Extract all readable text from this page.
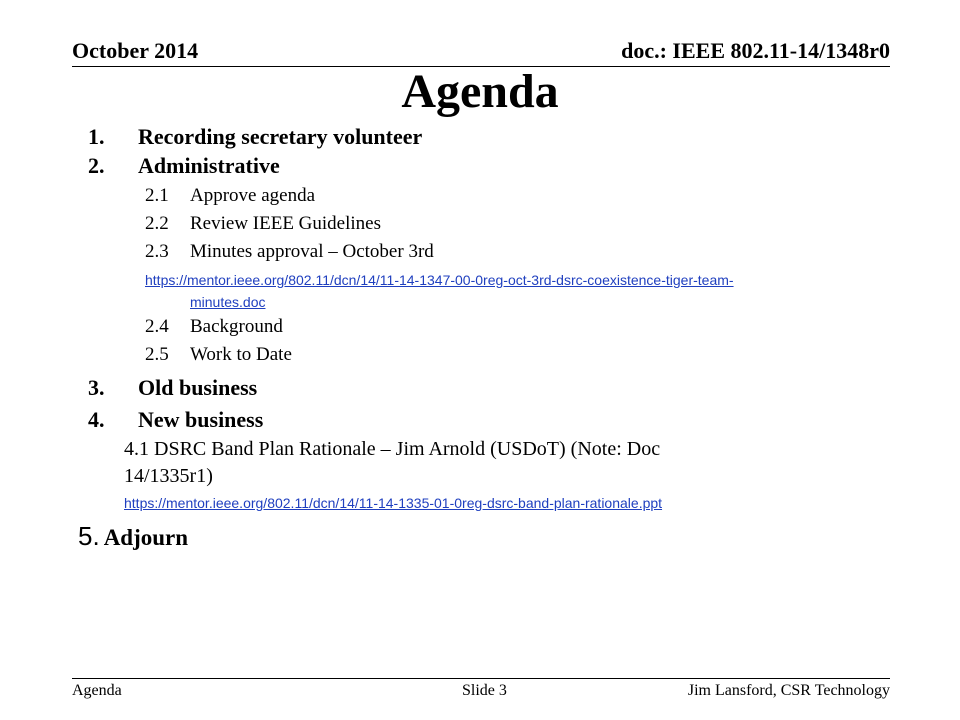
October 2014	doc.: IEEE 802.11-14/1348r0
Agenda
1. Recording secretary volunteer
2. Administrative
2.1 Approve agenda
2.2 Review IEEE Guidelines
2.3 Minutes approval – October 3rd
https://mentor.ieee.org/802.11/dcn/14/11-14-1347-00-0reg-oct-3rd-dsrc-coexistence-tiger-team-
minutes.doc
2.4 Background
2.5 Work to Date
3. Old business
4. New business
4.1 DSRC Band Plan Rationale – Jim Arnold (USDoT) (Note: Doc
14/1335r1)
https://mentor.ieee.org/802.11/dcn/14/11-14-1335-01-0reg-dsrc-band-plan-rationale.ppt
5. Adjourn
Agenda	Slide 3	Jim Lansford, CSR Technology
